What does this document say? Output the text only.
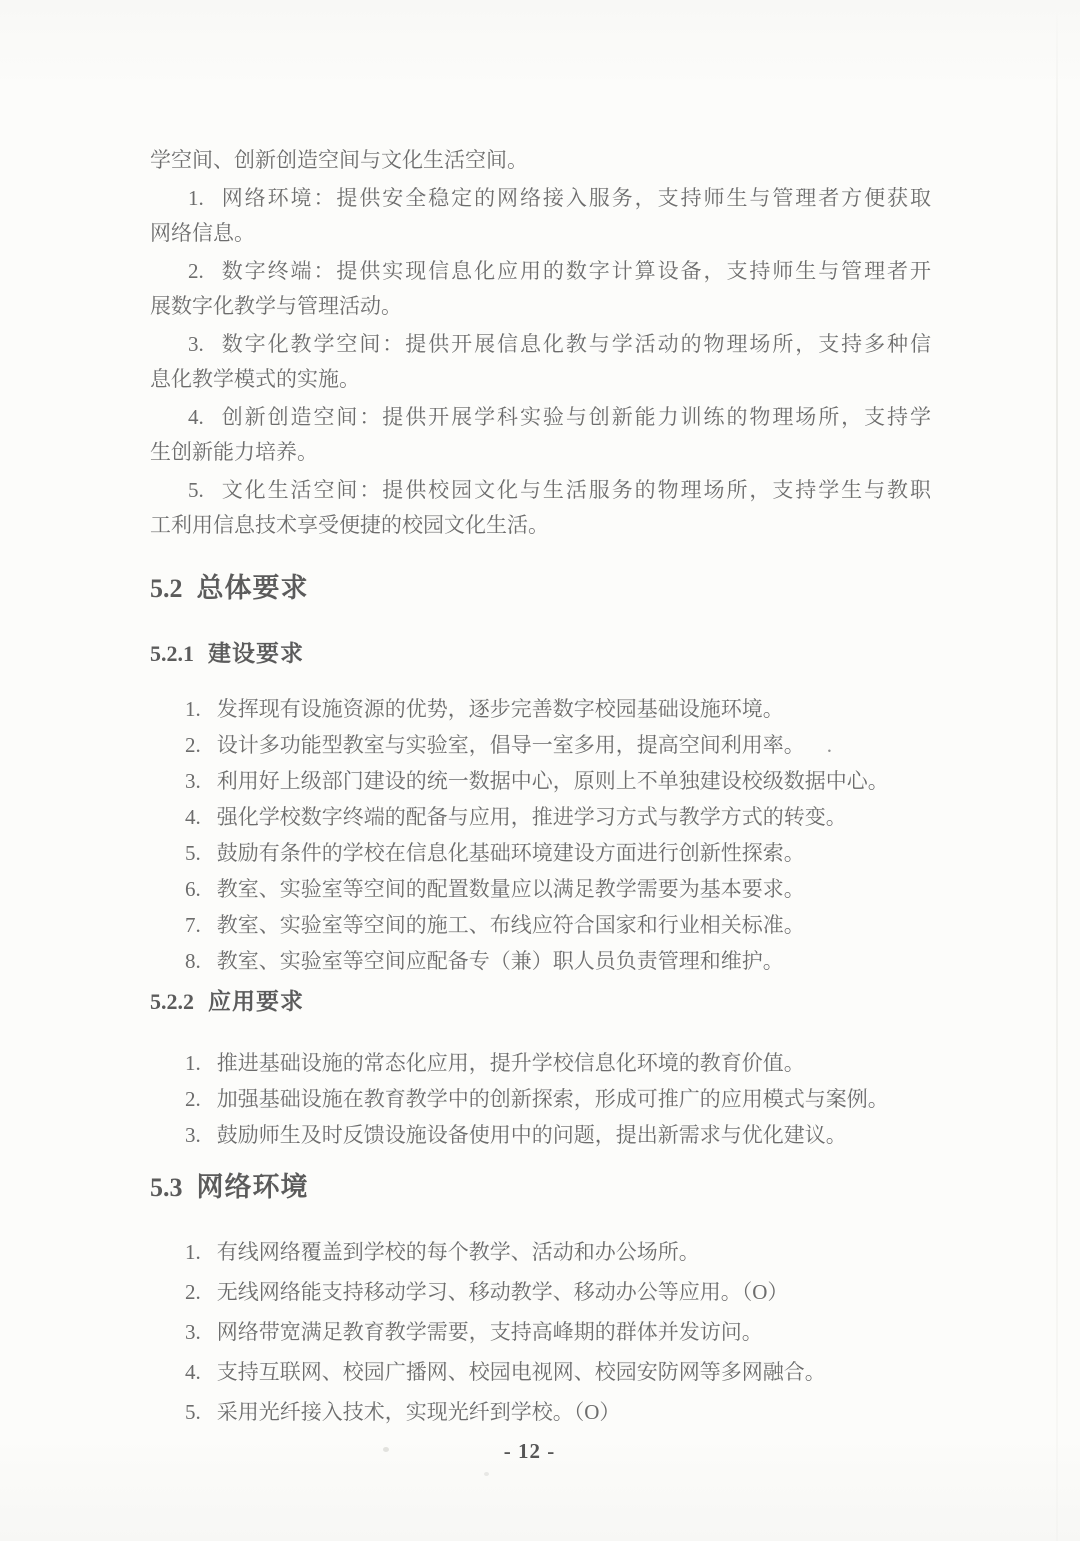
学空间、创新创造空间与文化生活空间。

1. 网络环境：提供安全稳定的网络接入服务，支持师生与管理者方便获取
网络信息。
2. 数字终端：提供实现信息化应用的数字计算设备，支持师生与管理者开
展数字化教学与管理活动。
3. 数字化教学空间：提供开展信息化教与学活动的物理场所，支持多种信
息化教学模式的实施。
4. 创新创造空间：提供开展学科实验与创新能力训练的物理场所，支持学
生创新能力培养。
5. 文化生活空间：提供校园文化与生活服务的物理场所，支持学生与教职
工利用信息技术享受便捷的校园文化生活。
5.2 总体要求
5.2.1 建设要求

1. 发挥现有设施资源的优势，逐步完善数字校园基础设施环境。

2. 设计多功能型教室与实验室，倡导一室多用，提高空间利用率。 .

3. 利用好上级部门建设的统一数据中心，原则上不单独建设校级数据中心。

4. 强化学校数字终端的配备与应用，推进学习方式与教学方式的转变。

5. 鼓励有条件的学校在信息化基础环境建设方面进行创新性探索。

6. 教室、实验室等空间的配置数量应以满足教学需要为基本要求。

7. 教室、实验室等空间的施工、布线应符合国家和行业相关标准。

8. 教室、实验室等空间应配备专（兼）职人员负责管理和维护。

5.2.2 应用要求

1. 推进基础设施的常态化应用，提升学校信息化环境的教育价值。

2. 加强基础设施在教育教学中的创新探索，形成可推广的应用模式与案例。

3. 鼓励师生及时反馈设施设备使用中的问题，提出新需求与优化建议。

5.3 网络环境

1. 有线网络覆盖到学校的每个教学、活动和办公场所。

2. 无线网络能支持移动学习、移动教学、移动办公等应用。（O）

3. 网络带宽满足教育教学需要，支持高峰期的群体并发访问。

4. 支持互联网、校园广播网、校园电视网、校园安防网等多网融合。

5. 采用光纤接入技术，实现光纤到学校。（O）

- 12 -
